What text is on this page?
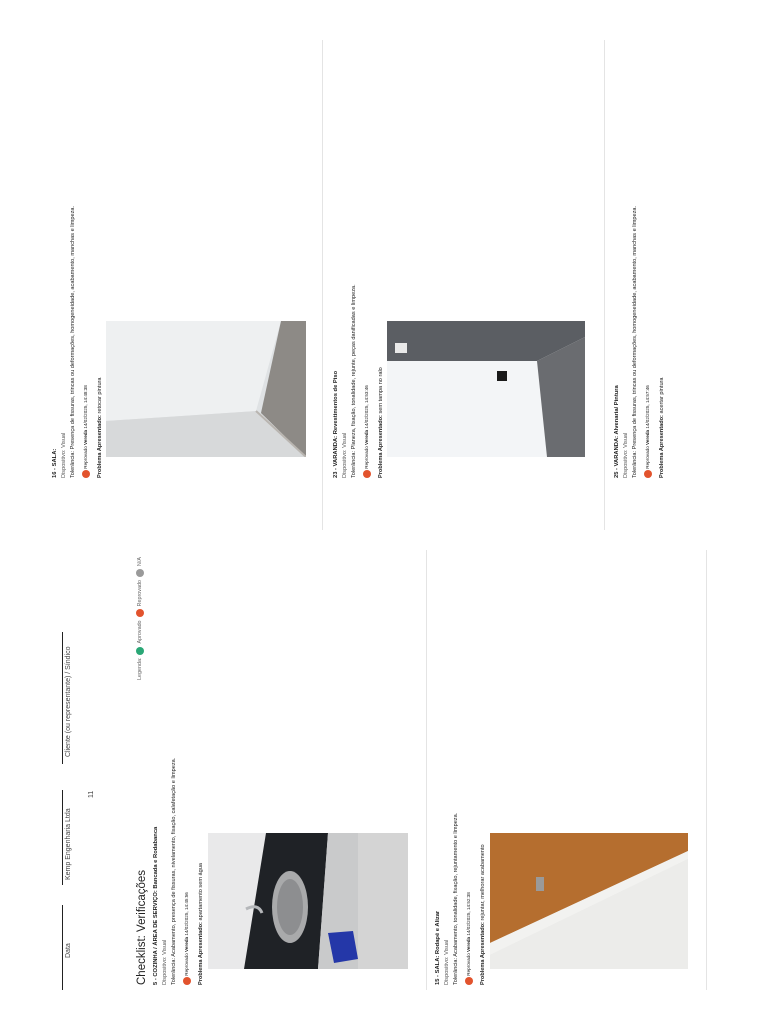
Data
Kemp Engenharia Ltda
11
Cliente (ou representante) / Síndico
Checklist: Verificações
Legenda:
Aprovado
Reprovado
N/A
5 - COZINHA / ÁREA DE SERVIÇO: Bancada e Rodabanca Dispositivo: Visual Tolerância: Acabamento, presença de fissuras, nivelamento, fixação, calafetação e limpeza.	Reprovado Vereda 14/02/2025, 14:45:56
Problema Apresentado: apartamento sem água
15 - SALA: Rodapé e Alizar Dispositivo: Visual Tolerância: Acabamento, tonalidade, fixação, rejuntamento e limpeza.	Reprovado Vereda 14/02/2025, 14:52:38
Problema Apresentado: rejuntar, melhorar acabamento
16 - SALA: Dispositivo: Visual Tolerância: Presença de fissuras, trincas ou deformações, homogeneidade, acabamento, manchas e limpeza.	Reprovado Vereda 14/02/2025, 14:48:38
Problema Apresentado: retocar pintura	23 - VARANDA: Revestimentos de Piso Dispositivo: Visual Tolerância: Planeza, fixação, tonalidade, rejunte, peças danificadas e limpeza.	Reprovado Vereda 14/02/2025, 14:53:46
Problema Apresentado: sem tampa no ralo	25 - VARANDA: Alvenaria/ Pintura Dispositivo: Visual Tolerância: Presença de fissuras, trincas ou deformações, homogeneidade, acabamento, manchas e limpeza.	Reprovado Vereda 14/02/2025, 14:57:46
Problema Apresentado: acertar pintura
